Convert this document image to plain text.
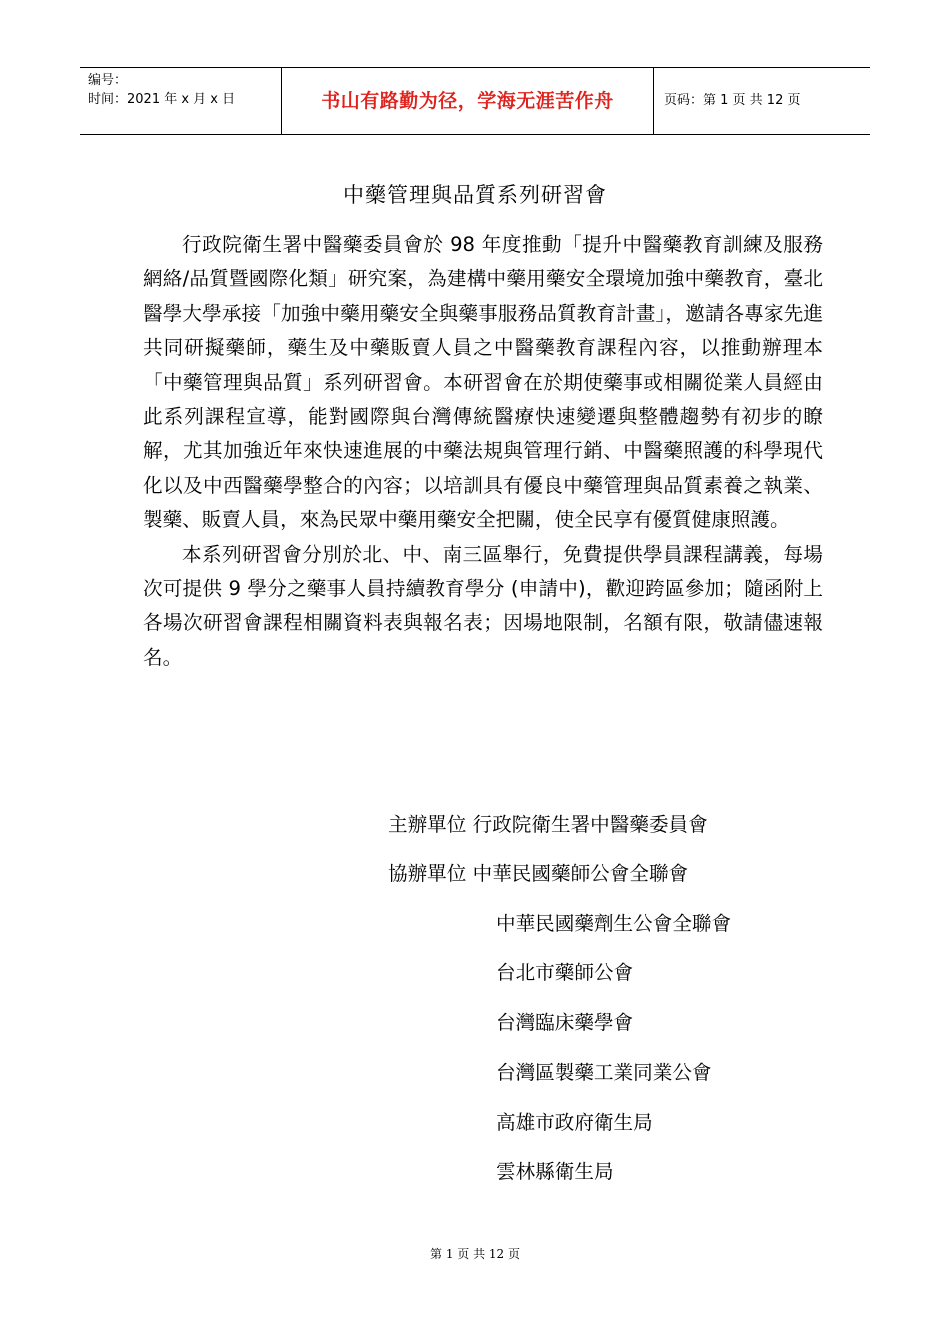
编号：
时间：2021 年 x 月 x 日	书山有路勤为径，学海无涯苦作舟	页码：第 1 页 共 12 页
中藥管理與品質系列研習會

行政院衛生署中醫藥委員會於 98 年度推動「提升中醫藥教育訓練及服務網絡/品質暨國際化類」研究案，為建構中藥用藥安全環境加強中藥教育，臺北醫學大學承接「加強中藥用藥安全與藥事服務品質教育計畫」，邀請各專家先進共同研擬藥師，藥生及中藥販賣人員之中醫藥教育課程內容，以推動辦理本「中藥管理與品質」系列研習會。本研習會在於期使藥事或相關從業人員經由此系列課程宣導，能對國際與台灣傳統醫療快速變遷與整體趨勢有初步的瞭解，尤其加強近年來快速進展的中藥法規與管理行銷、中醫藥照護的科學現代化以及中西醫藥學整合的內容；以培訓具有優良中藥管理與品質素養之執業、製藥、販賣人員，來為民眾中藥用藥安全把關，使全民享有優質健康照護。

本系列研習會分別於北、中、南三區舉行，免費提供學員課程講義，每場次可提供 9 學分之藥事人員持續教育學分 (申請中)，歡迎跨區參加；隨函附上各場次研習會課程相關資料表與報名表；因場地限制，名額有限，敬請儘速報名。

主辦單位 行政院衛生署中醫藥委員會
協辦單位 中華民國藥師公會全聯會
中華民國藥劑生公會全聯會
台北市藥師公會
台灣臨床藥學會
台灣區製藥工業同業公會
高雄市政府衛生局
雲林縣衛生局
第 1 页 共 12 页
